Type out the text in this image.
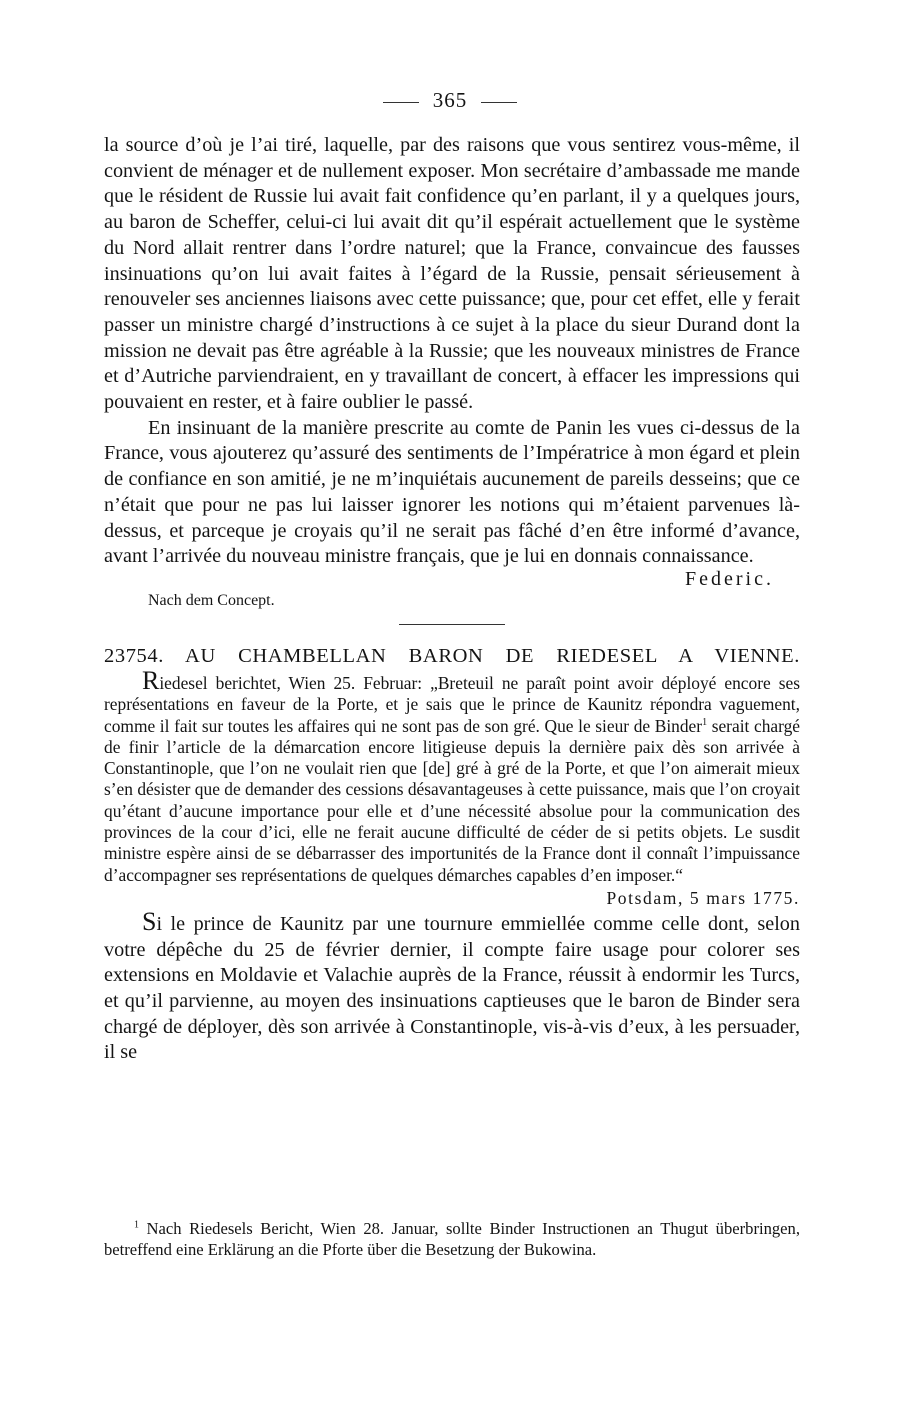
365

la source d’où je l’ai tiré, laquelle, par des raisons que vous sentirez vous-même, il convient de ménager et de nullement exposer. Mon secrétaire d’ambassade me mande que le résident de Russie lui avait fait confidence qu’en parlant, il y a quelques jours, au baron de Scheffer, celui-ci lui avait dit qu’il espérait actuellement que le système du Nord allait rentrer dans l’ordre naturel; que la France, convaincue des fausses insinuations qu’on lui avait faites à l’égard de la Russie, pensait sérieusement à renouveler ses anciennes liaisons avec cette puissance; que, pour cet effet, elle y ferait passer un ministre chargé d’instructions à ce sujet à la place du sieur Durand dont la mission ne devait pas être agréable à la Russie; que les nouveaux ministres de France et d’Autriche parviendraient, en y travaillant de concert, à effacer les impressions qui pouvaient en rester, et à faire oublier le passé.

En insinuant de la manière prescrite au comte de Panin les vues ci-dessus de la France, vous ajouterez qu’assuré des sentiments de l’Impératrice à mon égard et plein de confiance en son amitié, je ne m’inquiétais aucunement de pareils desseins; que ce n’était que pour ne pas lui laisser ignorer les notions qui m’étaient parvenues là-dessus, et parceque je croyais qu’il ne serait pas fâché d’en être informé d’avance, avant l’arrivée du nouveau ministre français, que je lui en donnais connaissance.

Federic.
Nach dem Concept.
23754. AU CHAMBELLAN BARON DE RIEDESEL A VIENNE.

Riedesel berichtet, Wien 25. Februar: „Breteuil ne paraît point avoir déployé encore ses représentations en faveur de la Porte, et je sais que le prince de Kaunitz répondra vaguement, comme il fait sur toutes les affaires qui ne sont pas de son gré. Que le sieur de Binder$^1$ serait chargé de finir l’article de la démarcation encore litigieuse depuis la dernière paix dès son arrivée à Constantinople, que l’on ne voulait rien que [de] gré à gré de la Porte, et que l’on aimerait mieux s’en désister que de demander des cessions désavantageuses à cette puissance, mais que l’on croyait qu’étant d’aucune importance pour elle et d’une nécessité absolue pour la communication des provinces de la cour d’ici, elle ne ferait aucune difficulté de céder de si petits objets. Le susdit ministre espère ainsi de se débarrasser des importunités de la France dont il connaît l’impuissance d’accompagner ses représentations de quelques démarches capables d’en imposer.“

Potsdam, 5 mars 1775.

Si le prince de Kaunitz par une tournure emmiellée comme celle dont, selon votre dépêche du 25 de février dernier, il compte faire usage pour colorer ses extensions en Moldavie et Valachie auprès de la France, réussit à endormir les Turcs, et qu’il parvienne, au moyen des insinuations captieuses que le baron de Binder sera chargé de déployer, dès son arrivée à Constantinople, vis-à-vis d’eux, à les persuader, il se

$^1$ Nach Riedesels Bericht, Wien 28. Januar, sollte Binder Instructionen an Thugut überbringen, betreffend eine Erklärung an die Pforte über die Besetzung der Bukowina.
